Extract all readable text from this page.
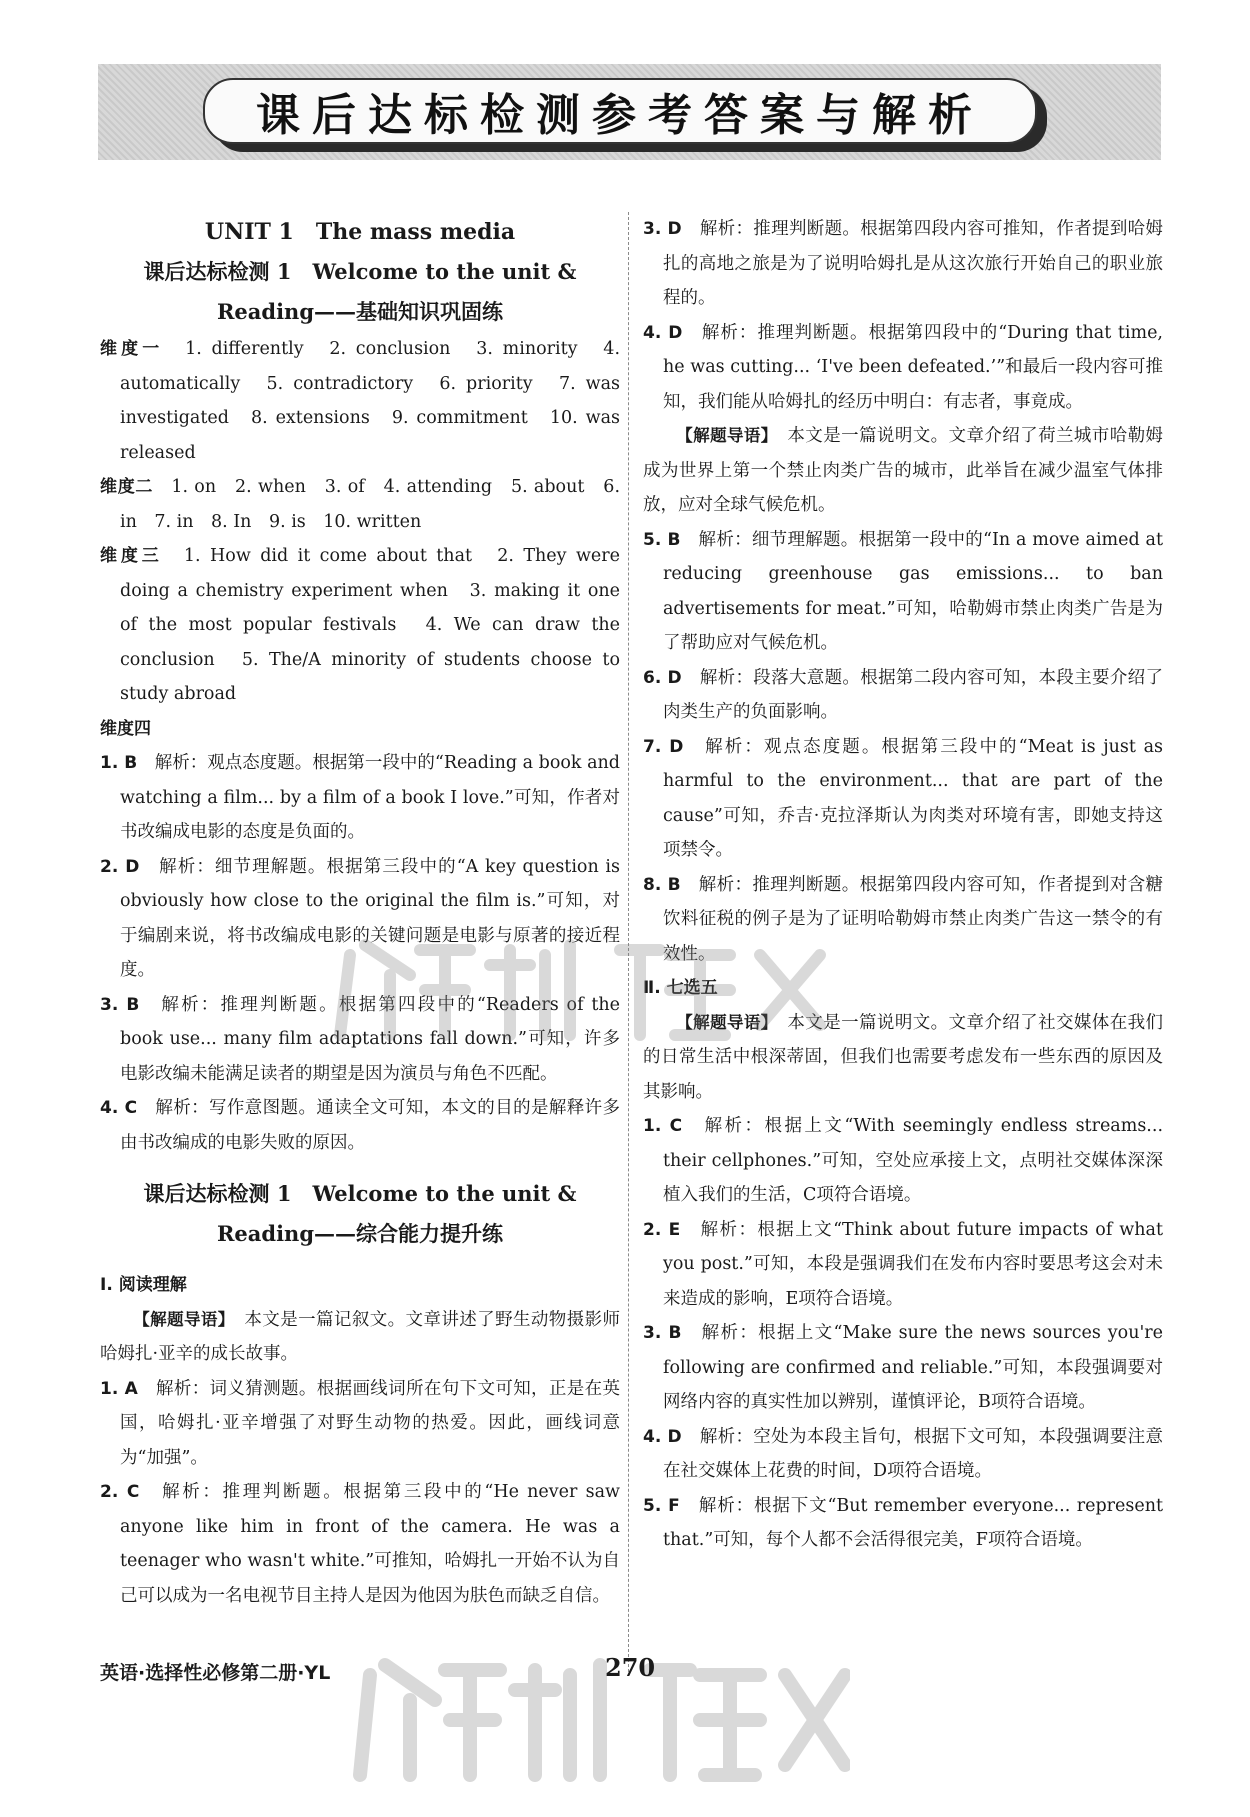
课后达标检测参考答案与解析
UNIT 1　The mass media
课后达标检测 1　Welcome to the unit &
Reading——基础知识巩固练

维度一　 1. differently　2. conclusion　3. minority　4. automatically　5. contradictory　6. priority　7. was investigated　8. extensions　9. commitment　10. was released

维度二　 1. on　2. when　3. of　4. attending　5. about　6. in　7. in　8. In　9. is　10. written

维度三　 1. How did it come about that　2. They were doing a chemistry experiment when　3. making it one of the most popular festivals　4. We can draw the conclusion　5. The/A minority of students choose to study abroad

维度四

1. B　 解析：观点态度题。根据第一段中的“Reading a book and watching a film... by a film of a book I love.”可知，作者对书改编成电影的态度是负面的。

2. D　 解析：细节理解题。根据第三段中的“A key question is obviously how close to the original the film is.”可知，对于编剧来说，将书改编成电影的关键问题是电影与原著的接近程度。

3. B　 解析：推理判断题。根据第四段中的“Readers of the book use... many film adaptations fall down.”可知，许多电影改编未能满足读者的期望是因为演员与角色不匹配。

4. C　 解析：写作意图题。通读全文可知，本文的目的是解释许多由书改编成的电影失败的原因。

课后达标检测 1　Welcome to the unit &
Reading——综合能力提升练

Ⅰ. 阅读理解

【解题导语】　 本文是一篇记叙文。文章讲述了野生动物摄影师哈姆扎·亚辛的成长故事。

1. A　 解析：词义猜测题。根据画线词所在句下文可知，正是在英国，哈姆扎·亚辛增强了对野生动物的热爱。因此，画线词意为“加强”。

2. C　 解析：推理判断题。根据第三段中的“He never saw anyone like him in front of the camera. He was a teenager who wasn't white.”可推知，哈姆扎一开始不认为自己可以成为一名电视节目主持人是因为他因为肤色而缺乏自信。

3. D　 解析：推理判断题。根据第四段内容可推知，作者提到哈姆扎的高地之旅是为了说明哈姆扎是从这次旅行开始自己的职业旅程的。

4. D　 解析：推理判断题。根据第四段中的“During that time, he was cutting... ‘I've been defeated.’”和最后一段内容可推知，我们能从哈姆扎的经历中明白：有志者，事竟成。

【解题导语】　 本文是一篇说明文。文章介绍了荷兰城市哈勒姆成为世界上第一个禁止肉类广告的城市，此举旨在减少温室气体排放，应对全球气候危机。

5. B　 解析：细节理解题。根据第一段中的“In a move aimed at reducing greenhouse gas emissions... to ban advertisements for meat.”可知，哈勒姆市禁止肉类广告是为了帮助应对气候危机。

6. D　 解析：段落大意题。根据第二段内容可知，本段主要介绍了肉类生产的负面影响。

7. D　 解析：观点态度题。根据第三段中的“Meat is just as harmful to the environment... that are part of the cause”可知，乔吉·克拉泽斯认为肉类对环境有害，即她支持这项禁令。

8. B　 解析：推理判断题。根据第四段内容可知，作者提到对含糖饮料征税的例子是为了证明哈勒姆市禁止肉类广告这一禁令的有效性。

Ⅱ. 七选五

【解题导语】　 本文是一篇说明文。文章介绍了社交媒体在我们的日常生活中根深蒂固，但我们也需要考虑发布一些东西的原因及其影响。

1. C　 解析：根据上文“With seemingly endless streams... their cellphones.”可知，空处应承接上文，点明社交媒体深深植入我们的生活，C项符合语境。

2. E　 解析：根据上文“Think about future impacts of what you post.”可知，本段是强调我们在发布内容时要思考这会对未来造成的影响，E项符合语境。

3. B　 解析：根据上文“Make sure the news sources you're following are confirmed and reliable.”可知，本段强调要对网络内容的真实性加以辨别，谨慎评论，B项符合语境。

4. D　 解析：空处为本段主旨句，根据下文可知，本段强调要注意在社交媒体上花费的时间，D项符合语境。

5. F　 解析：根据下文“But remember everyone... represent that.”可知，每个人都不会活得很完美，F项符合语境。

英语·选择性必修第二册·YL	270
